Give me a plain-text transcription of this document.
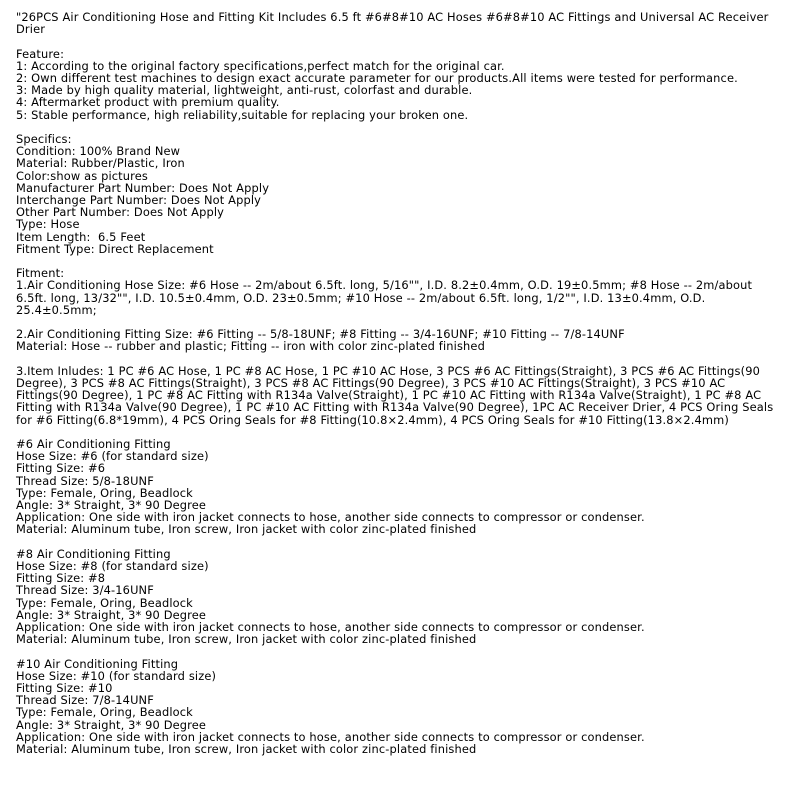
"26PCS Air Conditioning Hose and Fitting Kit Includes 6.5 ft #6#8#10 AC Hoses #6#8#10 AC Fittings and Universal AC Receiver Drier
Feature:
1: According to the original factory specifications,perfect match for the original car.
2: Own different test machines to design exact accurate parameter for our products.All items were tested for performance.
3: Made by high quality material, lightweight, anti-rust, colorfast and durable.
4: Aftermarket product with premium quality.
5: Stable performance, high reliability,suitable for replacing your broken one.
Specifics:
Condition: 100% Brand New
Material: Rubber/Plastic, Iron
Color:show as pictures
Manufacturer Part Number: Does Not Apply
Interchange Part Number: Does Not Apply
Other Part Number: Does Not Apply
Type: Hose
Item Length:  6.5 Feet
Fitment Type: Direct Replacement
Fitment:
1.Air Conditioning Hose Size: #6 Hose -- 2m/about 6.5ft. long, 5/16"", I.D. 8.2±0.4mm, O.D. 19±0.5mm; #8 Hose -- 2m/about 6.5ft. long, 13/32"", I.D. 10.5±0.4mm, O.D. 23±0.5mm; #10 Hose -- 2m/about 6.5ft. long, 1/2"", I.D. 13±0.4mm, O.D. 25.4±0.5mm;
2.Air Conditioning Fitting Size: #6 Fitting -- 5/8-18UNF; #8 Fitting -- 3/4-16UNF; #10 Fitting -- 7/8-14UNF
Material: Hose -- rubber and plastic; Fitting -- iron with color zinc-plated finished
3.Item Inludes: 1 PC #6 AC Hose, 1 PC #8 AC Hose, 1 PC #10 AC Hose, 3 PCS #6 AC Fittings(Straight), 3 PCS #6 AC Fittings(90 Degree), 3 PCS #8 AC Fittings(Straight), 3 PCS #8 AC Fittings(90 Degree), 3 PCS #10 AC Fittings(Straight), 3 PCS #10 AC Fittings(90 Degree), 1 PC #8 AC Fitting with R134a Valve(Straight), 1 PC #10 AC Fitting with R134a Valve(Straight), 1 PC #8 AC Fitting with R134a Valve(90 Degree), 1 PC #10 AC Fitting with R134a Valve(90 Degree), 1PC AC Receiver Drier, 4 PCS Oring Seals for #6 Fitting(6.8*19mm), 4 PCS Oring Seals for #8 Fitting(10.8×2.4mm), 4 PCS Oring Seals for #10 Fitting(13.8×2.4mm)
#6 Air Conditioning Fitting
Hose Size: #6 (for standard size)
Fitting Size: #6
Thread Size: 5/8-18UNF
Type: Female, Oring, Beadlock
Angle: 3* Straight, 3* 90 Degree
Application: One side with iron jacket connects to hose, another side connects to compressor or condenser.
Material: Aluminum tube, Iron screw, Iron jacket with color zinc-plated finished
#8 Air Conditioning Fitting
Hose Size: #8 (for standard size)
Fitting Size: #8
Thread Size: 3/4-16UNF
Type: Female, Oring, Beadlock
Angle: 3* Straight, 3* 90 Degree
Application: One side with iron jacket connects to hose, another side connects to compressor or condenser.
Material: Aluminum tube, Iron screw, Iron jacket with color zinc-plated finished
#10 Air Conditioning Fitting
Hose Size: #10 (for standard size)
Fitting Size: #10
Thread Size: 7/8-14UNF
Type: Female, Oring, Beadlock
Angle: 3* Straight, 3* 90 Degree
Application: One side with iron jacket connects to hose, another side connects to compressor or condenser.
Material: Aluminum tube, Iron screw, Iron jacket with color zinc-plated finished
